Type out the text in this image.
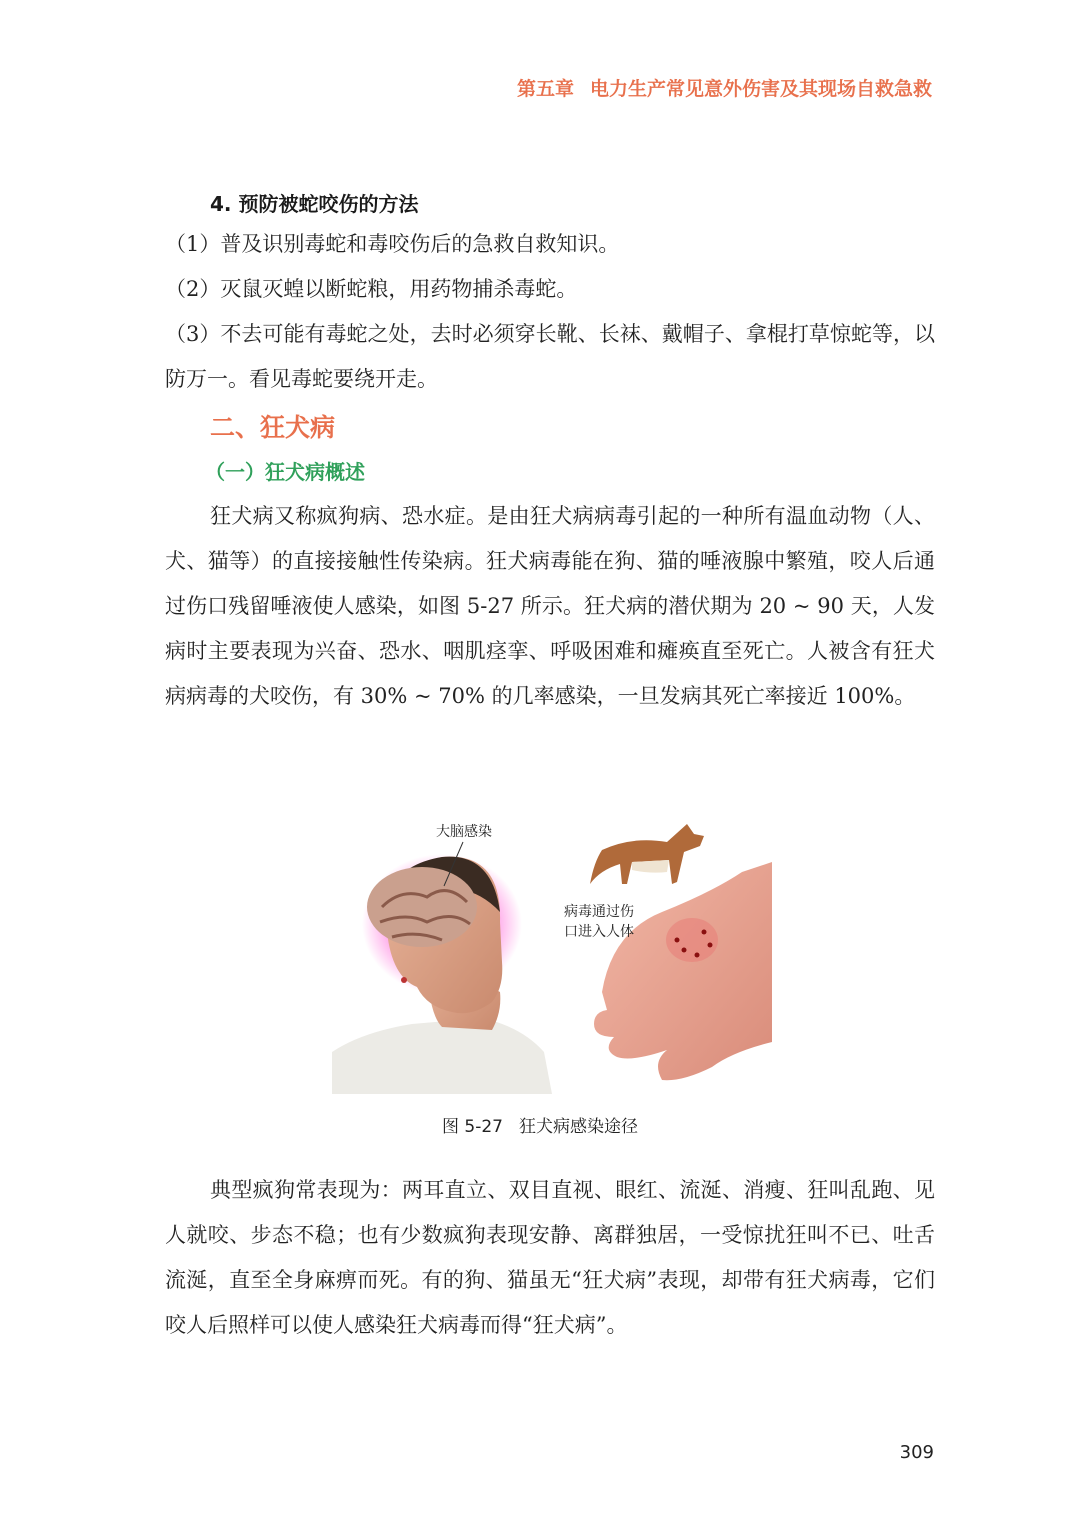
第五章 电力生产常见意外伤害及其现场自救急救
4. 预防被蛇咬伤的方法

（1）普及识别毒蛇和毒咬伤后的急救自救知识。

（2）灭鼠灭蝗以断蛇粮，用药物捕杀毒蛇。

（3）不去可能有毒蛇之处，去时必须穿长靴、长袜、戴帽子、拿棍打草惊蛇等，以防万一。看见毒蛇要绕开走。

二、狂犬病
（一）狂犬病概述

狂犬病又称疯狗病、恐水症。是由狂犬病病毒引起的一种所有温血动物（人、犬、猫等）的直接接触性传染病。狂犬病毒能在狗、猫的唾液腺中繁殖，咬人后通过伤口残留唾液使人感染，如图 5-27 所示。狂犬病的潜伏期为 20 ~ 90 天，人发病时主要表现为兴奋、恐水、咽肌痉挛、呼吸困难和瘫痪直至死亡。人被含有狂犬病病毒的犬咬伤，有 30% ~ 70% 的几率感染，一旦发病其死亡率接近 100%。

典型疯狗常表现为：两耳直立、双目直视、眼红、流涎、消瘦、狂叫乱跑、见人就咬、步态不稳；也有少数疯狗表现安静、离群独居，一受惊扰狂叫不已、吐舌流涎，直至全身麻痹而死。有的狗、猫虽无“狂犬病”表现，却带有狂犬病毒，它们咬人后照样可以使人感染狂犬病毒而得“狂犬病”。

大脑感染
病毒通过伤
口进入人体
图 5-27 狂犬病感染途径
309
